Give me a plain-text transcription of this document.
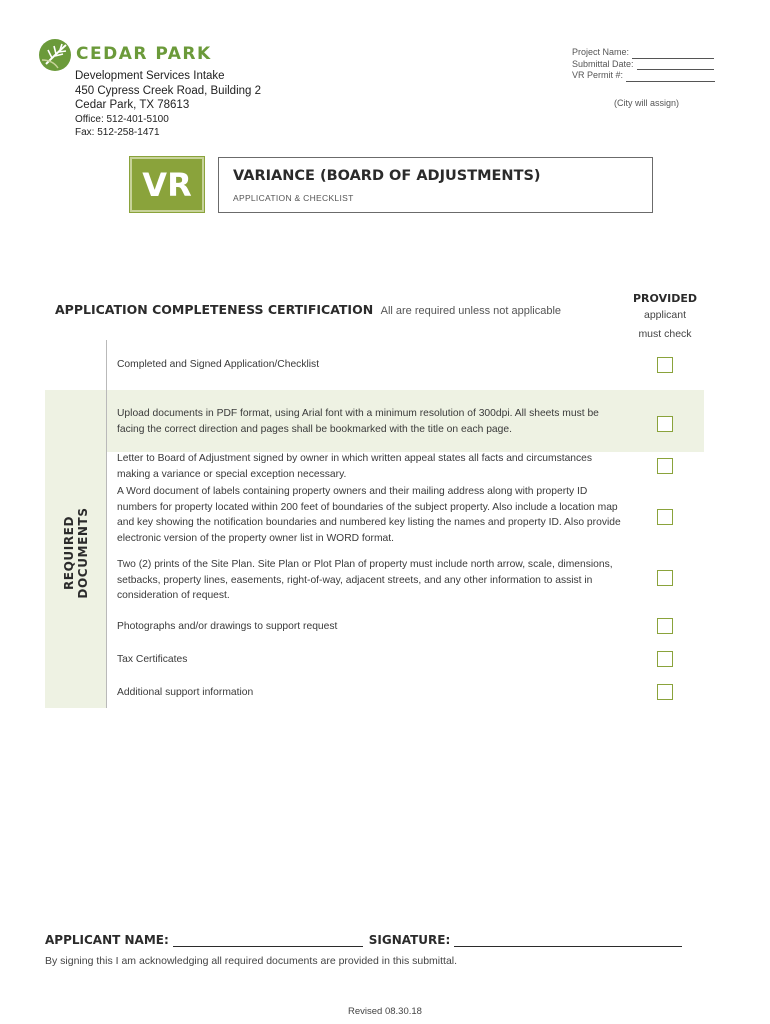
CEDAR PARK
Development Services Intake
450 Cypress Creek Road, Building 2
Cedar Park, TX 78613
Office: 512-401-5100
Fax: 512-258-1471
Project Name:
Submittal Date:
VR Permit #:
(City will assign)
VR	VARIANCE (BOARD OF ADJUSTMENTS)
APPLICATION & CHECKLIST
APPLICATION COMPLETENESS CERTIFICATION All are required unless not applicable
PROVIDED
applicant
must check
REQUIRED DOCUMENTS
Completed and Signed Application/Checklist
Upload documents in PDF format, using Arial font with a minimum resolution of 300dpi. All sheets must be facing the correct direction and pages shall be bookmarked with the title on each page.
Letter to Board of Adjustment signed by owner in which written appeal states all facts and circumstances making a variance or special exception necessary.
A Word document of labels containing property owners and their mailing address along with property ID numbers for property located within 200 feet of boundaries of the subject property. Also include a location map and key showing the notification boundaries and numbered key listing the names and property ID. Also provide electronic version of the property owner list in WORD format.
Two (2) prints of the Site Plan. Site Plan or Plot Plan of property must include north arrow, scale, dimensions, setbacks, property lines, easements, right-of-way, adjacent streets, and any other information to assist in consideration of request.
Photographs and/or drawings to support request
Tax Certificates
Additional support information
APPLICANT NAME:	SIGNATURE:
By signing this I am acknowledging all required documents are provided in this submittal.
Revised 08.30.18
